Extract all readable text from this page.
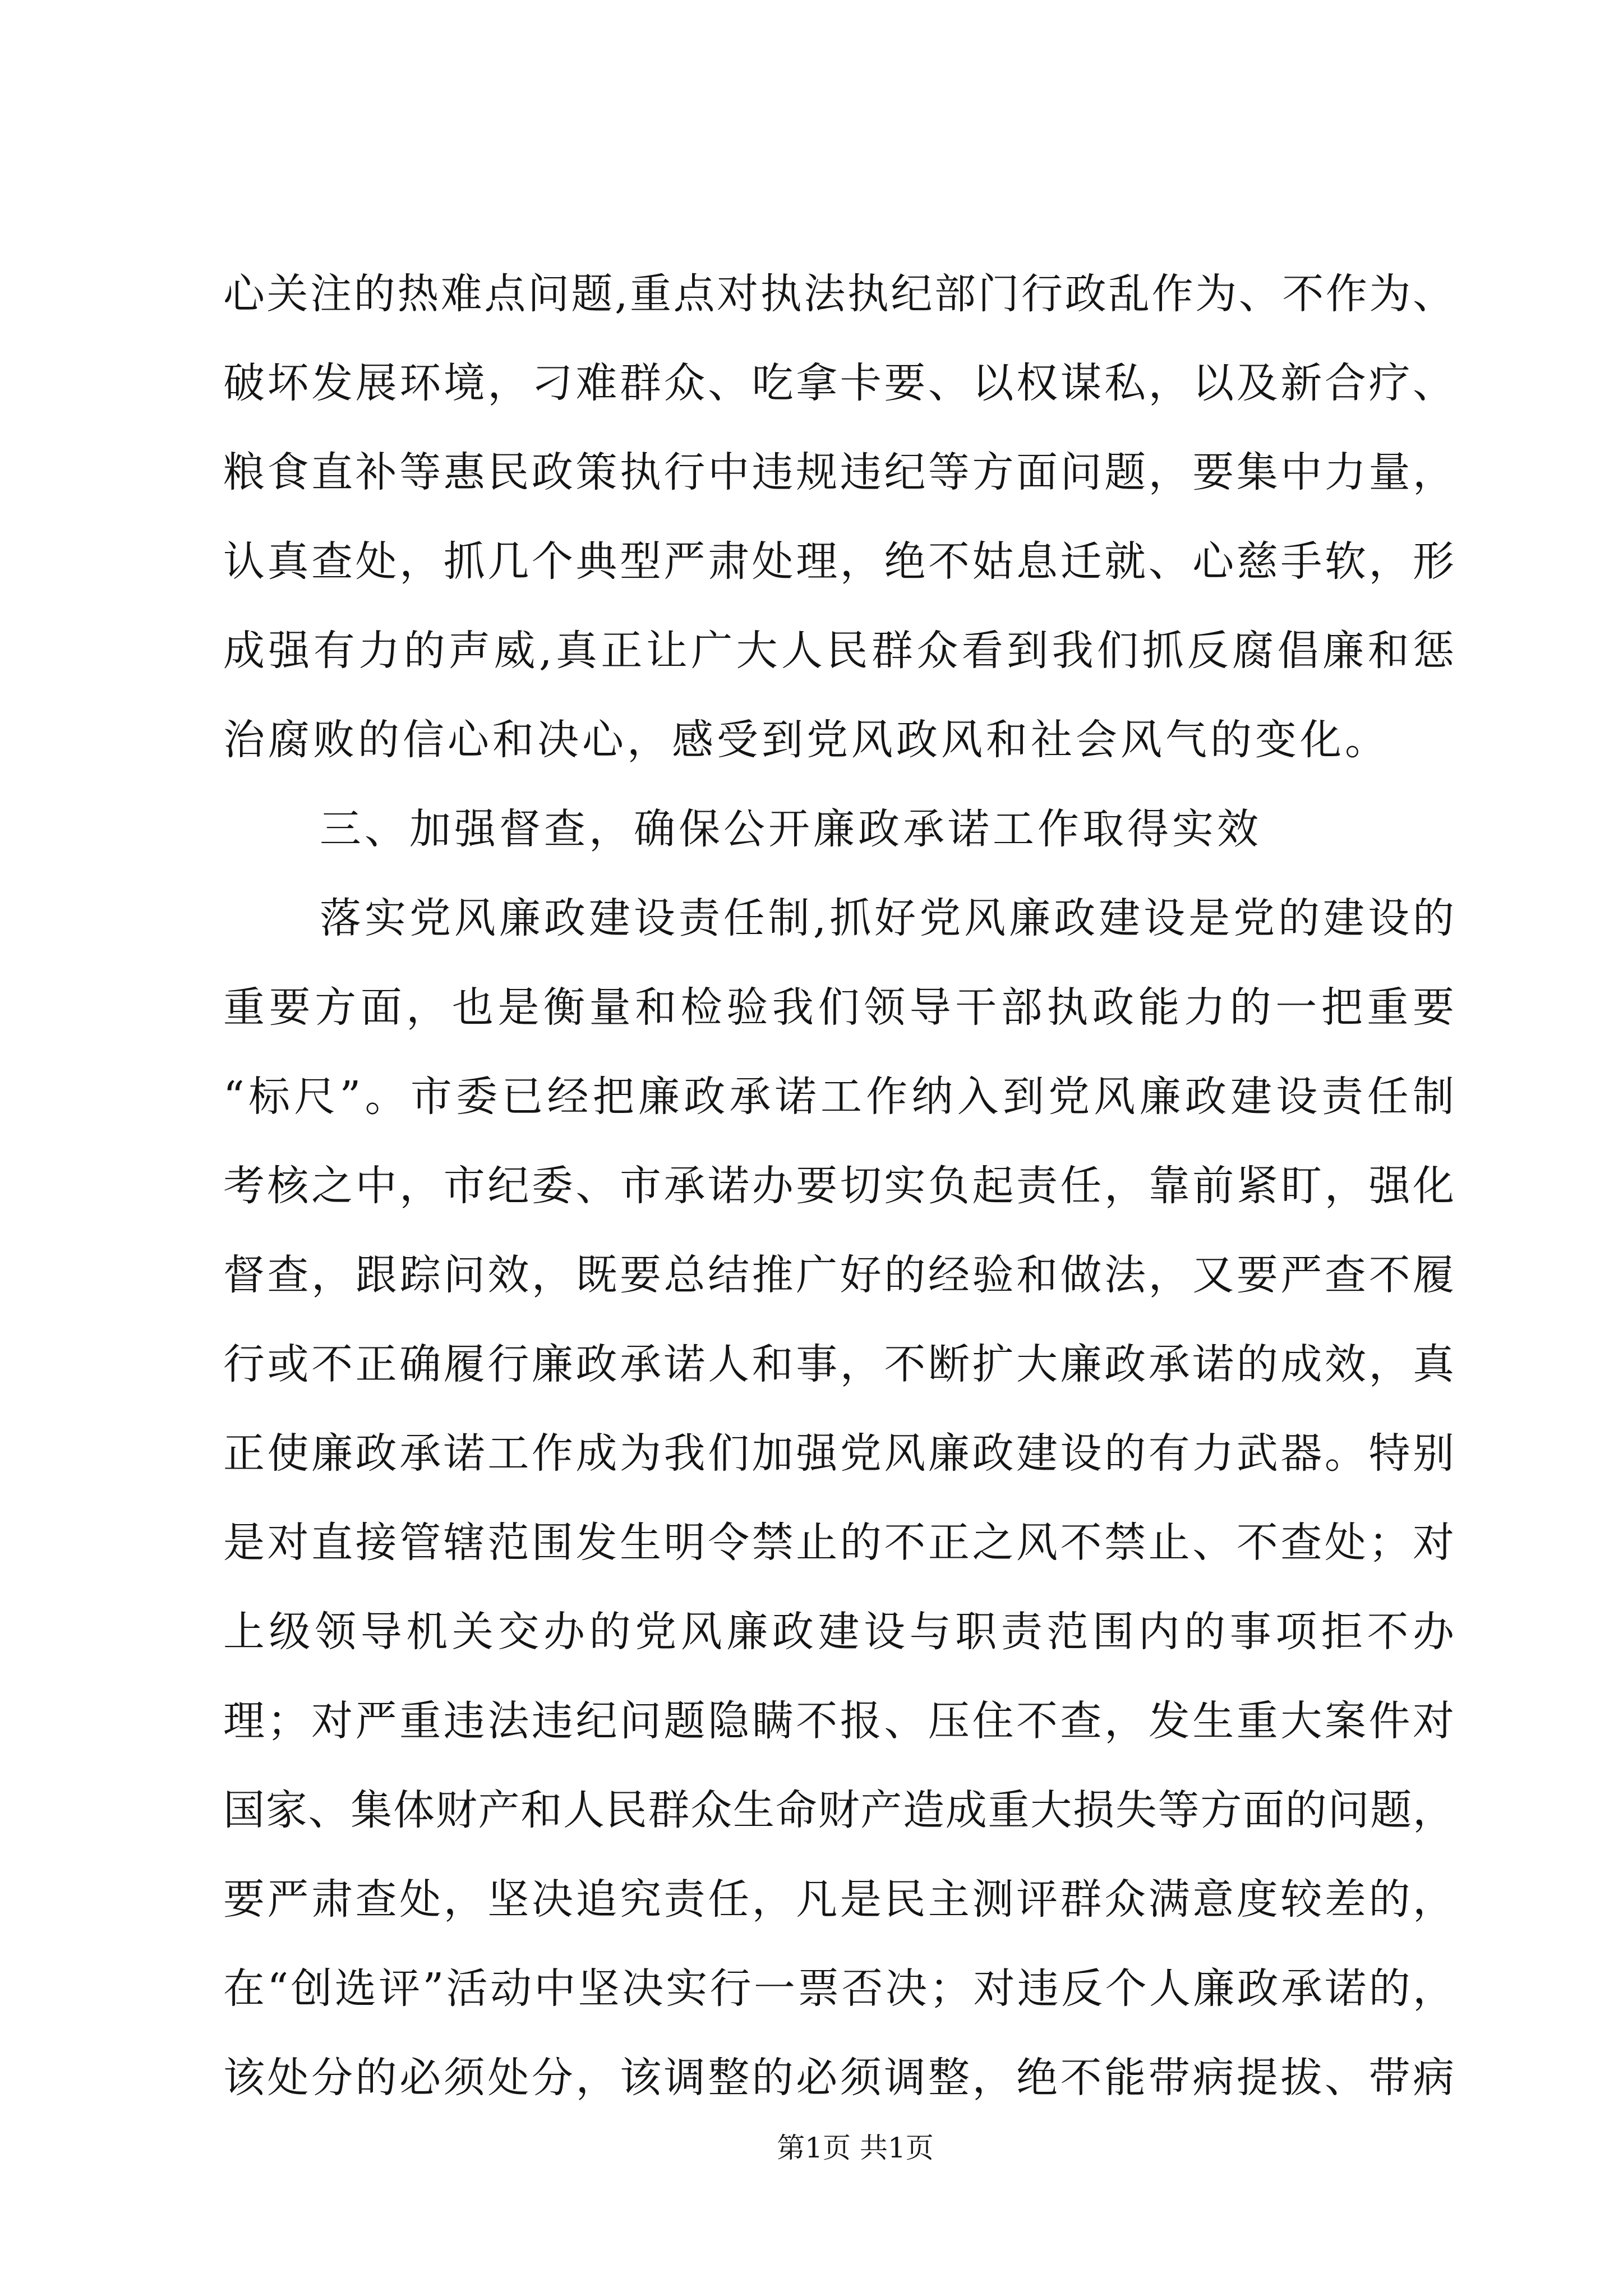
心关注的热难点问题,重点对执法执纪部门行政乱作为、不作为、
破坏发展环境，刁难群众、吃拿卡要、以权谋私，以及新合疗、
粮食直补等惠民政策执行中违规违纪等方面问题，要集中力量，
认真查处，抓几个典型严肃处理，绝不姑息迁就、心慈手软，形
成强有力的声威,真正让广大人民群众看到我们抓反腐倡廉和惩
治腐败的信心和决心，感受到党风政风和社会风气的变化。
三、加强督查，确保公开廉政承诺工作取得实效
落实党风廉政建设责任制,抓好党风廉政建设是党的建设的
重要方面，也是衡量和检验我们领导干部执政能力的一把重要
“标尺”。市委已经把廉政承诺工作纳入到党风廉政建设责任制
考核之中，市纪委、市承诺办要切实负起责任，靠前紧盯，强化
督查，跟踪问效，既要总结推广好的经验和做法，又要严查不履
行或不正确履行廉政承诺人和事，不断扩大廉政承诺的成效，真
正使廉政承诺工作成为我们加强党风廉政建设的有力武器。特别
是对直接管辖范围发生明令禁止的不正之风不禁止、不查处；对
上级领导机关交办的党风廉政建设与职责范围内的事项拒不办
理；对严重违法违纪问题隐瞒不报、压住不查，发生重大案件对
国家、集体财产和人民群众生命财产造成重大损失等方面的问题，
要严肃查处，坚决追究责任，凡是民主测评群众满意度较差的，
在“创选评”活动中坚决实行一票否决；对违反个人廉政承诺的，
该处分的必须处分，该调整的必须调整，绝不能带病提拔、带病
第1页 共1页
